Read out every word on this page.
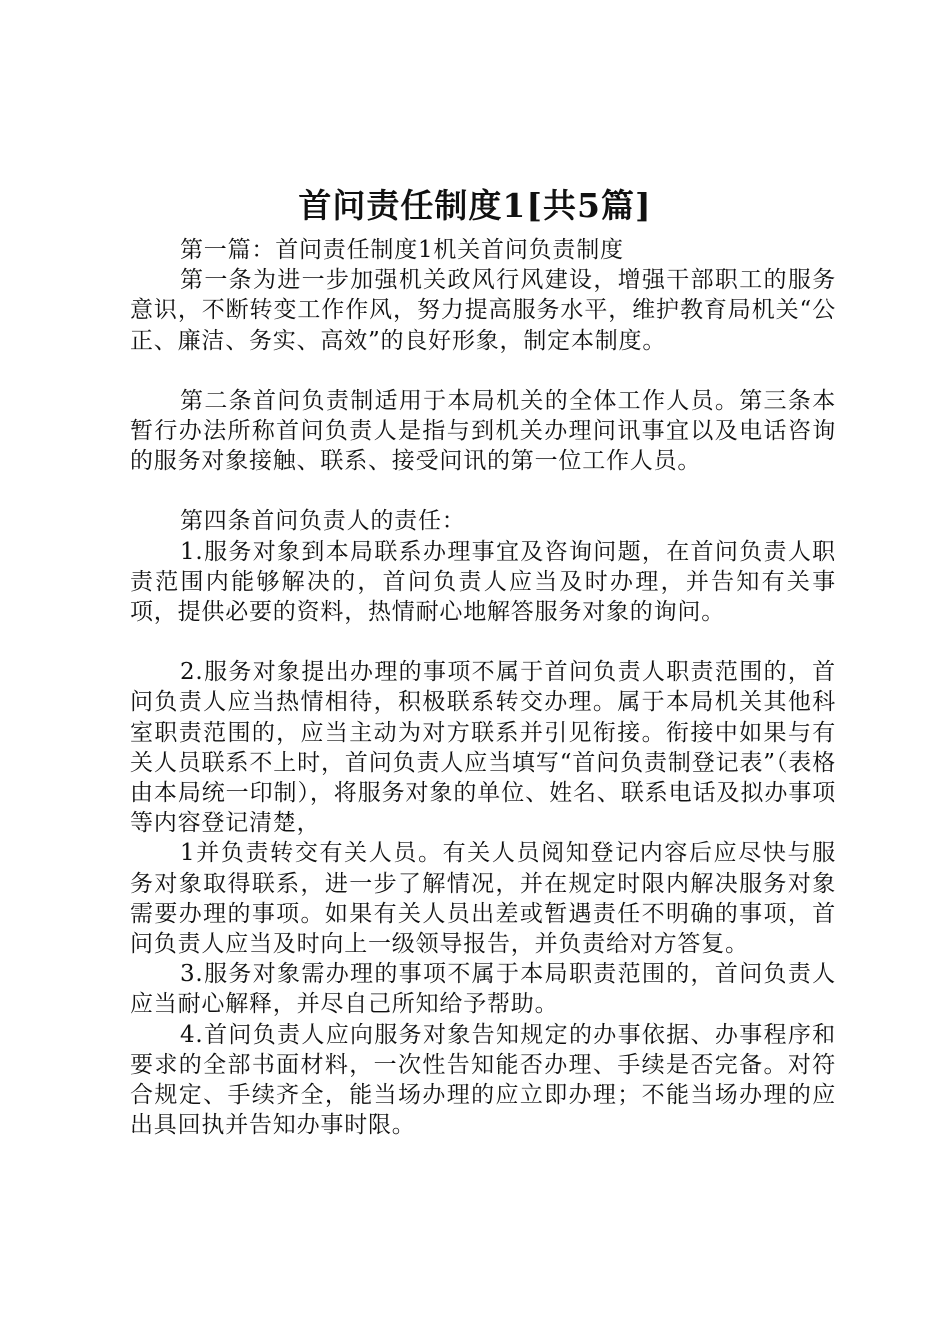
首问责任制度1[共5篇]

第一篇：首问责任制度1机关首问负责制度

第一条为进一步加强机关政风行风建设，增强干部职工的服务意识，不断转变工作作风，努力提高服务水平，维护教育局机关“公正、廉洁、务实、高效”的良好形象，制定本制度。

第二条首问负责制适用于本局机关的全体工作人员。第三条本暂行办法所称首问负责人是指与到机关办理问讯事宜以及电话咨询的服务对象接触、联系、接受问讯的第一位工作人员。

第四条首问负责人的责任：

1.服务对象到本局联系办理事宜及咨询问题，在首问负责人职责范围内能够解决的，首问负责人应当及时办理，并告知有关事项，提供必要的资料，热情耐心地解答服务对象的询问。

2.服务对象提出办理的事项不属于首问负责人职责范围的，首问负责人应当热情相待，积极联系转交办理。属于本局机关其他科室职责范围的，应当主动为对方联系并引见衔接。衔接中如果与有关人员联系不上时，首问负责人应当填写“首问负责制登记表”（表格由本局统一印制），将服务对象的单位、姓名、联系电话及拟办事项等内容登记清楚，

1并负责转交有关人员。有关人员阅知登记内容后应尽快与服务对象取得联系，进一步了解情况，并在规定时限内解决服务对象需要办理的事项。如果有关人员出差或暂遇责任不明确的事项，首问负责人应当及时向上一级领导报告，并负责给对方答复。

3.服务对象需办理的事项不属于本局职责范围的，首问负责人应当耐心解释，并尽自己所知给予帮助。

4.首问负责人应向服务对象告知规定的办事依据、办事程序和要求的全部书面材料，一次性告知能否办理、手续是否完备。对符合规定、手续齐全，能当场办理的应立即办理；不能当场办理的应出具回执并告知办事时限。
